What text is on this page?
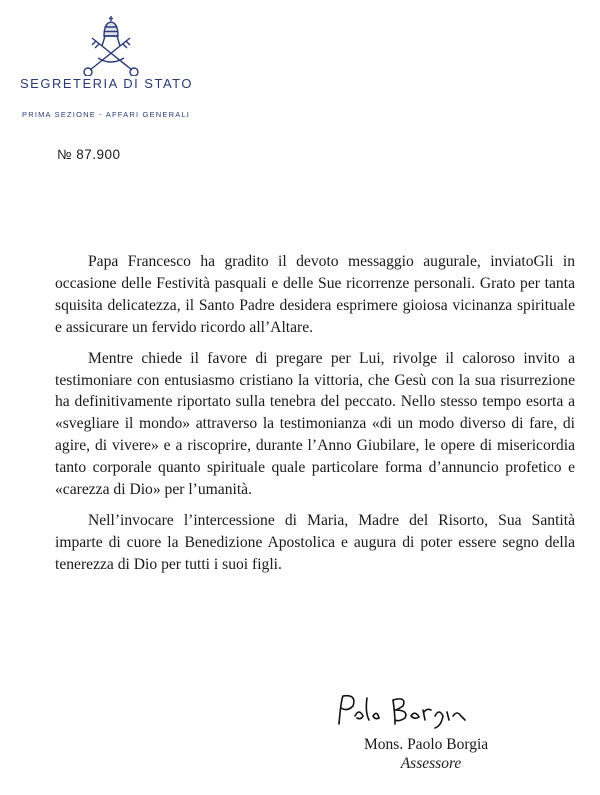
SEGRETERIA DI STATO
PRIMA SEZIONE - AFFARI GENERALI
№ 87.900

Papa Francesco ha gradito il devoto messaggio augurale, inviatoGli in occasione delle Festività pasquali e delle Sue ricorrenze personali. Grato per tanta squisita delicatezza, il Santo Padre desidera esprimere gioiosa vicinanza spirituale e assicurare un fervido ricordo all’Altare.

Mentre chiede il favore di pregare per Lui, rivolge il caloroso invito a testimoniare con entusiasmo cristiano la vittoria, che Gesù con la sua risurrezione ha definitivamente riportato sulla tenebra del peccato. Nello stesso tempo esorta a «svegliare il mondo» attraverso la testimonianza «di un modo diverso di fare, di agire, di vivere» e a riscoprire, durante l’Anno Giubilare, le opere di misericordia tanto corporale quanto spirituale quale particolare forma d’annuncio profetico e «carezza di Dio» per l’umanità.

Nell’invocare l’intercessione di Maria, Madre del Risorto, Sua Santità imparte di cuore la Benedizione Apostolica e augura di poter essere segno della tenerezza di Dio per tutti i suoi figli.

Mons. Paolo Borgia
Assessore
